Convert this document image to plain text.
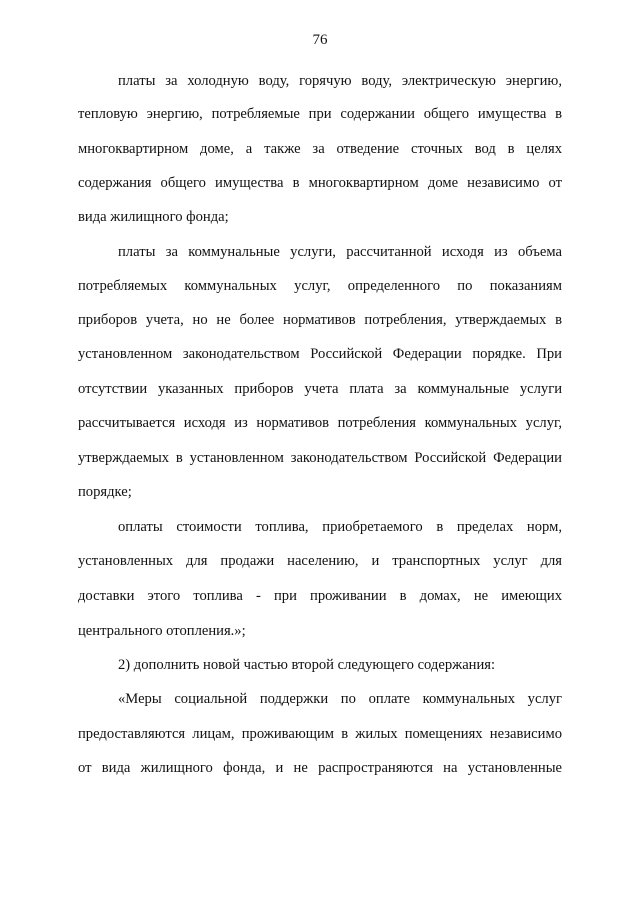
76
платы за холодную воду, горячую воду, электрическую энергию,
тепловую энергию, потребляемые при содержании общего имущества в
многоквартирном доме, а также за отведение сточных вод в целях
содержания общего имущества в многоквартирном доме независимо от
вида жилищного фонда;
платы за коммунальные услуги, рассчитанной исходя из объема
потребляемых коммунальных услуг, определенного по показаниям
приборов учета, но не более нормативов потребления, утверждаемых в
установленном законодательством Российской Федерации порядке. При
отсутствии указанных приборов учета плата за коммунальные услуги
рассчитывается исходя из нормативов потребления коммунальных услуг,
утверждаемых в установленном законодательством Российской Федерации
порядке;
оплаты стоимости топлива, приобретаемого в пределах норм,
установленных для продажи населению, и транспортных услуг для
доставки этого топлива - при проживании в домах, не имеющих
центрального отопления.»;
2) дополнить новой частью второй следующего содержания:
«Меры социальной поддержки по оплате коммунальных услуг
предоставляются лицам, проживающим в жилых помещениях независимо
от вида жилищного фонда, и не распространяются на установленные
